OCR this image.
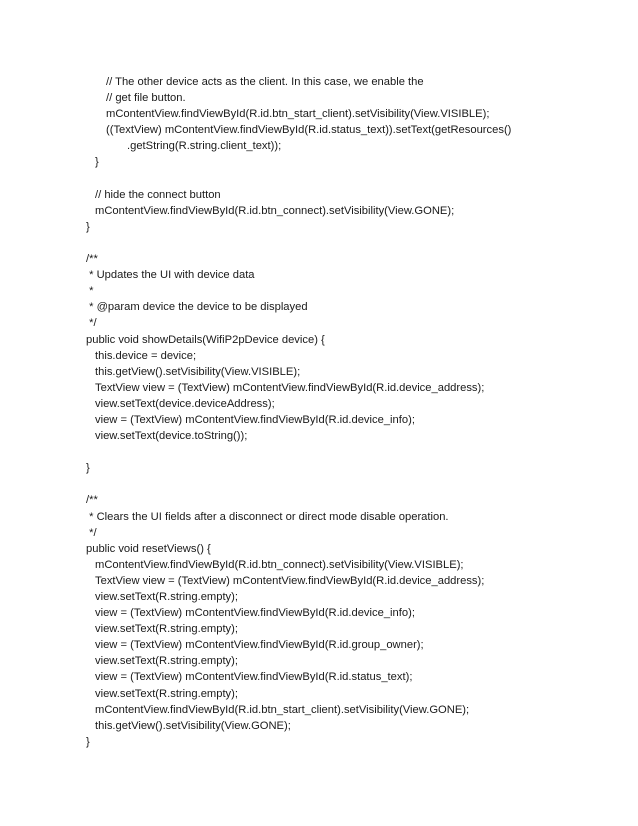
// The other device acts as the client. In this case, we enable the
// get file button.
mContentView.findViewById(R.id.btn_start_client).setVisibility(View.VISIBLE);
((TextView) mContentView.findViewById(R.id.status_text)).setText(getResources()
.getString(R.string.client_text));
}
// hide the connect button
mContentView.findViewById(R.id.btn_connect).setVisibility(View.GONE);
}
/**
* Updates the UI with device data
*
* @param device the device to be displayed
*/
public void showDetails(WifiP2pDevice device) {
this.device = device;
this.getView().setVisibility(View.VISIBLE);
TextView view = (TextView) mContentView.findViewById(R.id.device_address);
view.setText(device.deviceAddress);
view = (TextView) mContentView.findViewById(R.id.device_info);
view.setText(device.toString());
}
/**
* Clears the UI fields after a disconnect or direct mode disable operation.
*/
public void resetViews() {
mContentView.findViewById(R.id.btn_connect).setVisibility(View.VISIBLE);
TextView view = (TextView) mContentView.findViewById(R.id.device_address);
view.setText(R.string.empty);
view = (TextView) mContentView.findViewById(R.id.device_info);
view.setText(R.string.empty);
view = (TextView) mContentView.findViewById(R.id.group_owner);
view.setText(R.string.empty);
view = (TextView) mContentView.findViewById(R.id.status_text);
view.setText(R.string.empty);
mContentView.findViewById(R.id.btn_start_client).setVisibility(View.GONE);
this.getView().setVisibility(View.GONE);
}
